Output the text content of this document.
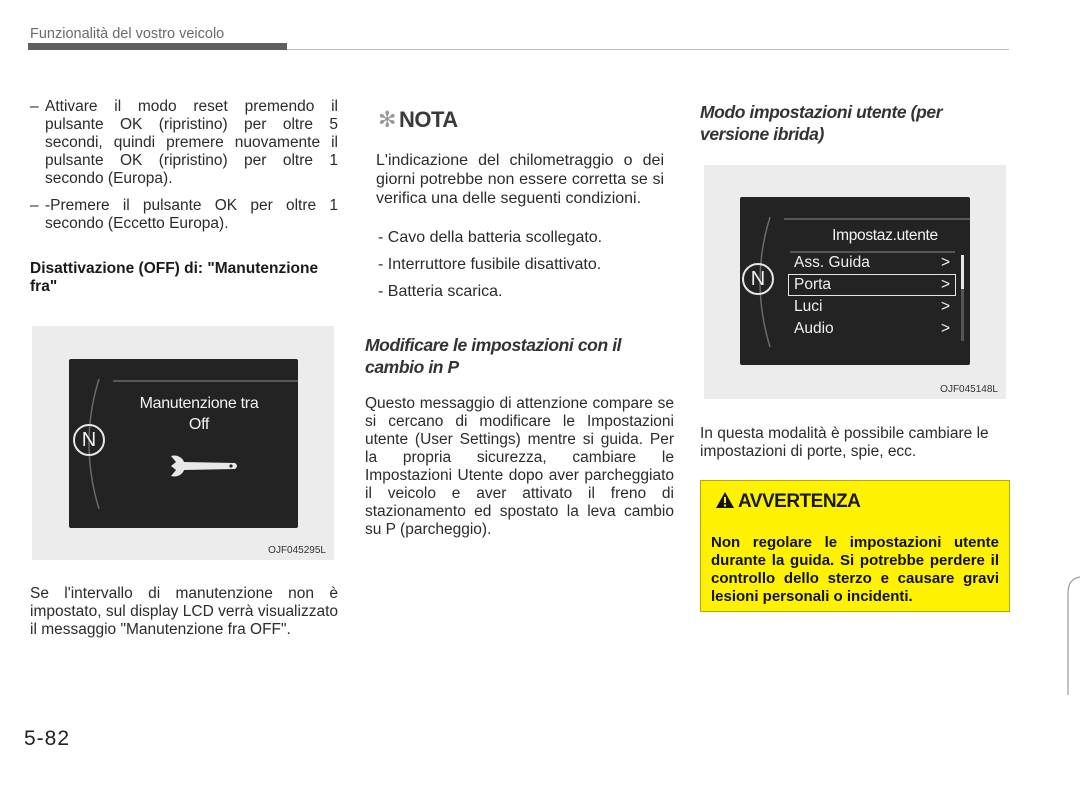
Funzionalità del vostro veicolo
– Attivare il modo reset premendo il pulsante OK (ripristino) per oltre 5 secondi, quindi premere nuovamente il pulsante OK (ripristino) per oltre 1 secondo (Europa).
– -Premere il pulsante OK per oltre 1 secondo (Eccetto Europa).
Disattivazione (OFF) di: "Manutenzione fra"
N
Manutenzione tra
Off
OJF045295L
Se l'intervallo di manutenzione non è impostato, sul display LCD verrà visualizzato il messaggio "Manutenzione fra OFF".
5-82
✻ NOTA
L'indicazione del chilometraggio o dei giorni potrebbe non essere corretta se si verifica una delle seguenti condizioni.
- Cavo della batteria scollegato.
- Interruttore fusibile disattivato.
- Batteria scarica.
Modificare le impostazioni con il cambio in P
Questo messaggio di attenzione compare se si cercano di modificare le Impostazioni utente (User Settings) mentre si guida. Per la propria sicurezza, cambiare le Impostazioni Utente dopo aver parcheggiato il veicolo e aver attivato il freno di stazionamento ed spostato la leva cambio su P (parcheggio).
Modo impostazioni utente (per versione ibrida)
Impostaz.utente
N
Ass. Guida	>
Porta	>
Luci	>
Audio	>
OJF045148L
In questa modalità è possibile cambiare le impostazioni di porte, spie, ecc.
AVVERTENZA
Non regolare le impostazioni utente durante la guida. Si potrebbe perdere il controllo dello sterzo e causare gravi lesioni personali o incidenti.
